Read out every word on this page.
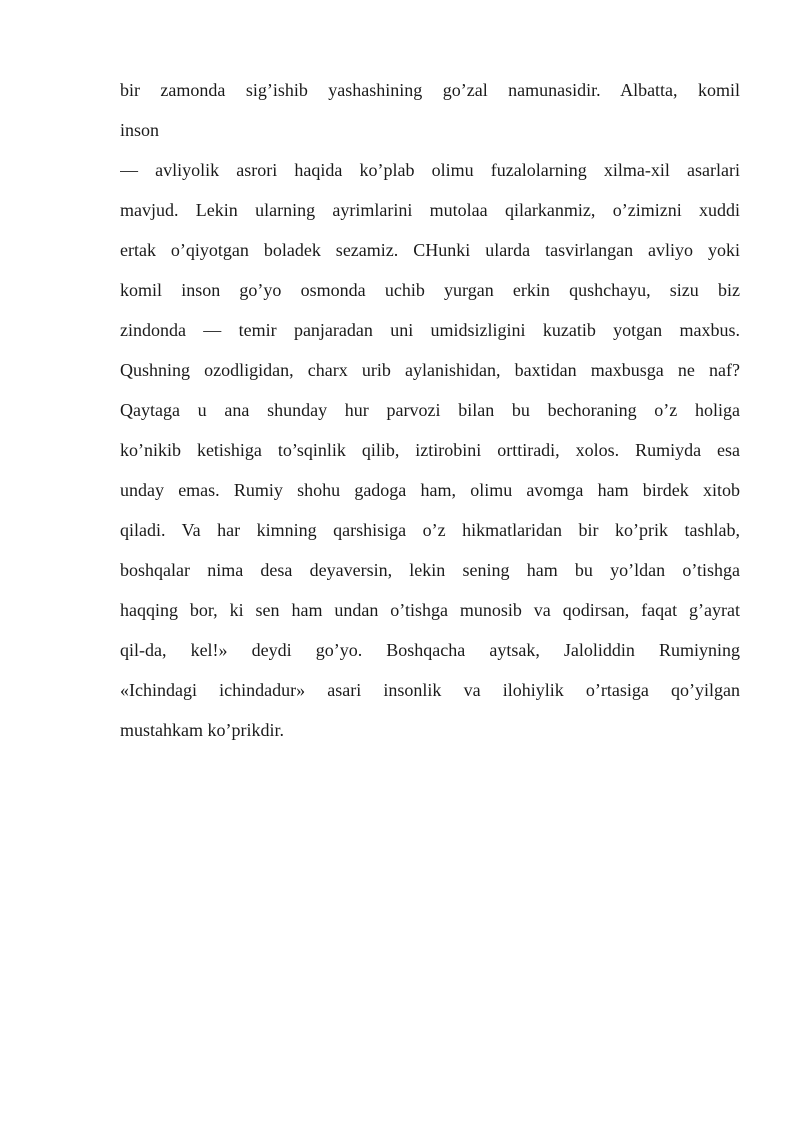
bir zamonda sig’ishib yashashining go’zal namunasidir. Albatta, komil
inson
— avliyolik asrori haqida ko’plab olimu fuzalolarning xilma-xil asarlari
mavjud. Lekin ularning ayrimlarini mutolaa qilarkanmiz, o’zimizni xuddi
ertak o’qiyotgan boladek sezamiz. CHunki ularda tasvirlangan avliyo yoki
komil inson go’yo osmonda uchib yurgan erkin qushchayu, sizu biz
zindonda — temir panjaradan uni umidsizligini kuzatib yotgan maxbus.
Qushning ozodligidan, charx urib aylanishidan, baxtidan maxbusga ne naf?
Qaytaga u ana shunday hur parvozi bilan bu bechoraning o’z holiga
ko’nikib ketishiga to’sqinlik qilib, iztirobini orttiradi, xolos. Rumiyda esa
unday emas. Rumiy shohu gadoga ham, olimu avomga ham birdek xitob
qiladi. Va har kimning qarshisiga o’z hikmatlaridan bir ko’prik tashlab,
boshqalar nima desa deyaversin, lekin sening ham bu yo’ldan o’tishga
haqqing bor, ki sen ham undan o’tishga munosib va qodirsan, faqat g’ayrat
qil-da, kel!» deydi go’yo. Boshqacha aytsak, Jaloliddin Rumiyning
«Ichindagi ichindadur» asari insonlik va ilohiylik o’rtasiga qo’yilgan
mustahkam ko’prikdir.
